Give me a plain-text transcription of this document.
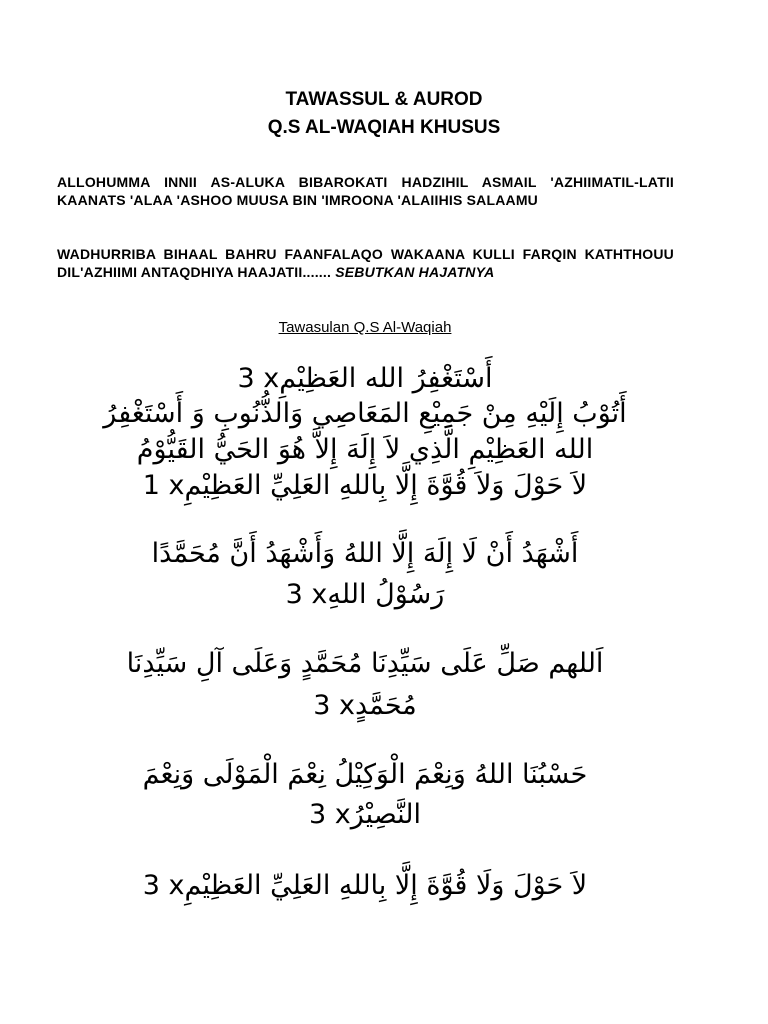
TAWASSUL & AUROD
Q.S AL-WAQIAH KHUSUS

ALLOHUMMA INNII AS-ALUKA BIBAROKATI HADZIHIL ASMAIL 'AZHIIMATIL-LATII KAANATS 'ALAA 'ASHOO MUUSA BIN 'IMROONA 'ALAIIHIS SALAAMU

WADHURRIBA BIHAAL BAHRU FAANFALAQO WAKAANA KULLI FARQIN KATHTHOUU DIL'AZHIIMI ANTAQDHIYA HAAJATII....... SEBUTKAN HAJATNYA

Tawasulan Q.S Al-Waqiah

أَسْتَغْفِرُ الله العَظِيْمِ3 x

أَتُوْبُ إِلَيْهِ مِنْ جَمِيْعِ المَعَاصِي وَالذُّنُوبِ وَ أَسْتَغْفِرُ

الله العَظِيْمِ الَّذِي لاَ إِلَهَ إِلاَّ هُوَ الحَيُّ القَيُّوْمُ

لاَ حَوْلَ وَلاَ قُوَّةَ إِلَّا بِاللهِ العَلِيِّ العَظِيْمِ1 x

أَشْهَدُ أَنْ لَا إِلَهَ إِلَّا اللهُ وَأَشْهَدُ أَنَّ مُحَمَّدًا

رَسُوْلُ اللهِ3 x

اَللهم صَلِّ عَلَى سَيِّدِنَا مُحَمَّدٍ وَعَلَى آلِ سَيِّدِنَا

مُحَمَّدٍ3 x

حَسْبُنَا اللهُ وَنِعْمَ الْوَكِيْلُ نِعْمَ الْمَوْلَى وَنِعْمَ

النَّصِيْرُ3 x

لاَ حَوْلَ وَلَا قُوَّةَ إِلَّا بِاللهِ العَلِيِّ العَظِيْمِ3 x
